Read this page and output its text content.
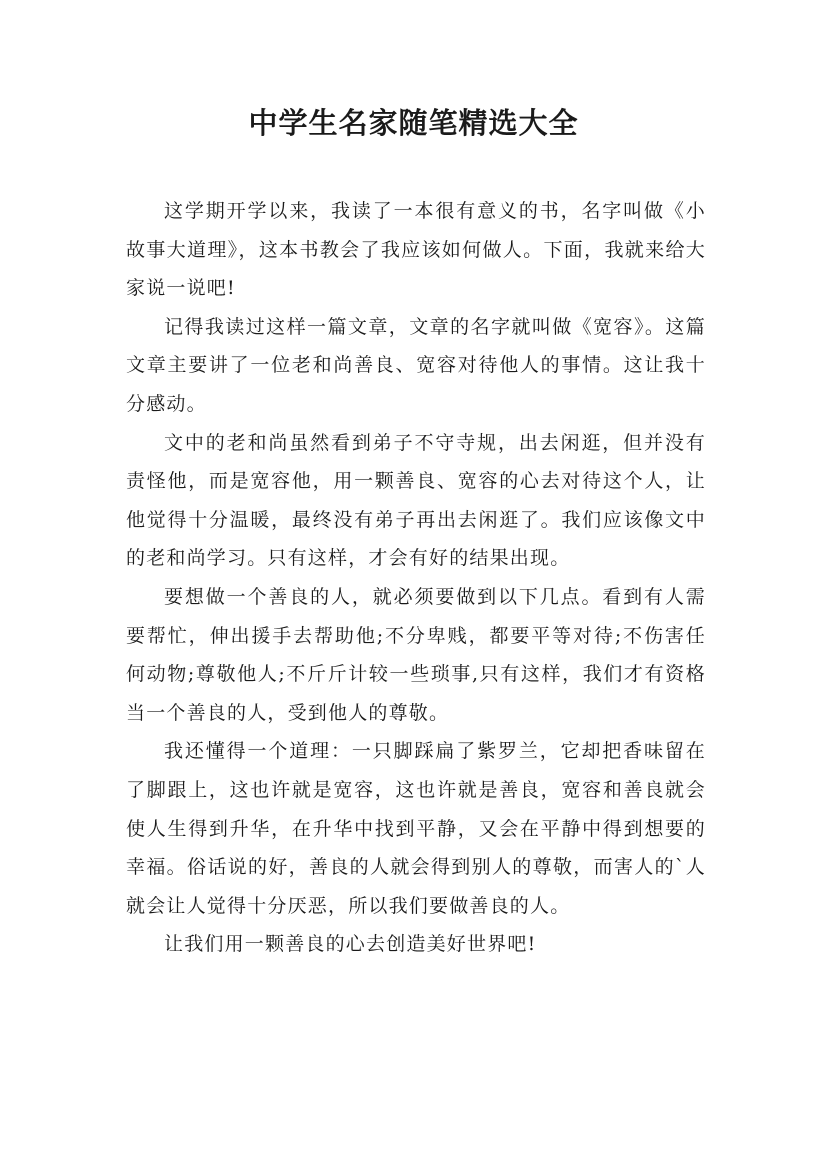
中学生名家随笔精选大全

这学期开学以来，我读了一本很有意义的书，名字叫做《小故事大道理》，这本书教会了我应该如何做人。下面，我就来给大家说一说吧!

记得我读过这样一篇文章，文章的名字就叫做《宽容》。这篇文章主要讲了一位老和尚善良、宽容对待他人的事情。这让我十分感动。

文中的老和尚虽然看到弟子不守寺规，出去闲逛，但并没有责怪他，而是宽容他，用一颗善良、宽容的心去对待这个人，让他觉得十分温暖，最终没有弟子再出去闲逛了。我们应该像文中的老和尚学习。只有这样，才会有好的结果出现。

要想做一个善良的人，就必须要做到以下几点。看到有人需要帮忙，伸出援手去帮助他;不分卑贱，都要平等对待;不伤害任何动物;尊敬他人;不斤斤计较一些琐事,只有这样，我们才有资格当一个善良的人，受到他人的尊敬。

我还懂得一个道理：一只脚踩扁了紫罗兰，它却把香味留在了脚跟上，这也许就是宽容，这也许就是善良，宽容和善良就会使人生得到升华，在升华中找到平静，又会在平静中得到想要的幸福。俗话说的好，善良的人就会得到别人的尊敬，而害人的`人就会让人觉得十分厌恶，所以我们要做善良的人。

让我们用一颗善良的心去创造美好世界吧!
